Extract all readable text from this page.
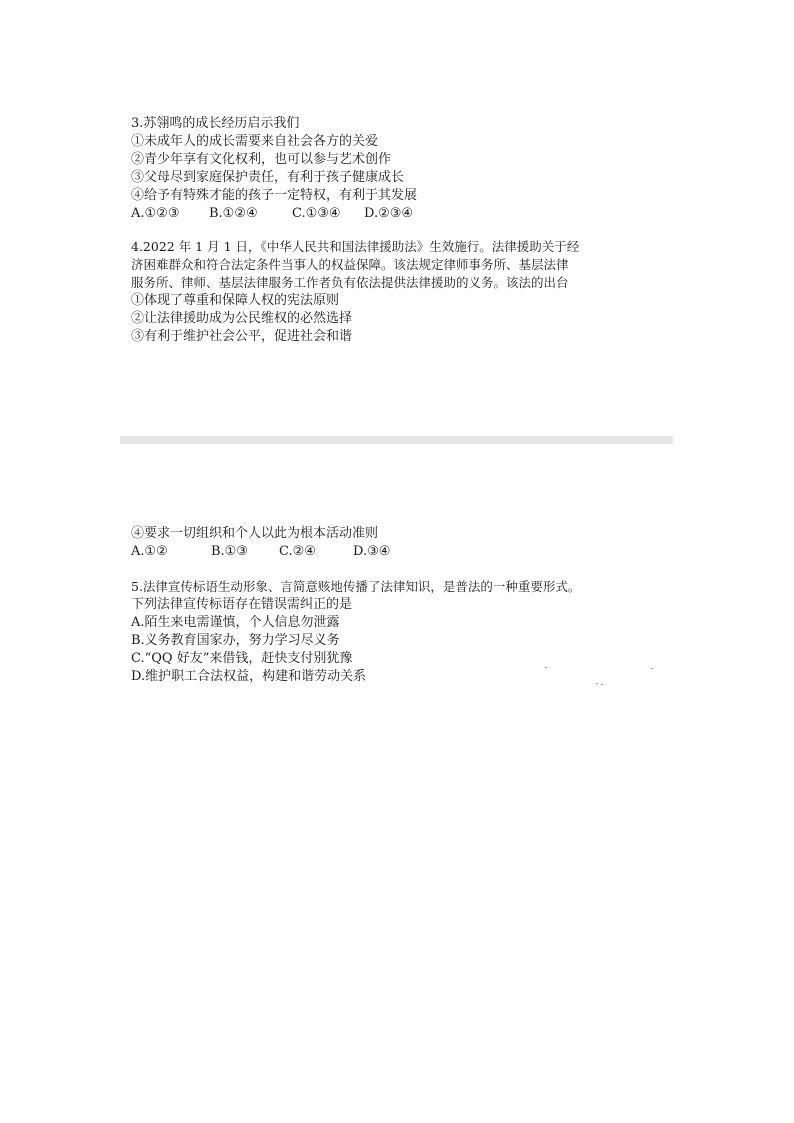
3.苏翎鸣的成长经历启示我们
①未成年人的成长需要来自社会各方的关爱
②青少年享有文化权利，也可以参与艺术创作
③父母尽到家庭保护责任，有利于孩子健康成长
④给予有特殊才能的孩子一定特权，有利于其发展
A.①②③ B.①②④	C.①③④ D.②③④
4.2022 年 1 月 1 日，《中华人民共和国法律援助法》生效施行。法律援助关于经
济困难群众和符合法定条件当事人的权益保障。该法规定律师事务所、基层法律
服务所、律师、基层法律服务工作者负有依法提供法律援助的义务。该法的出台
①体现了尊重和保障人权的宪法原则
②让法律援助成为公民维权的必然选择
③有利于维护社会公平，促进社会和谐
④要求一切组织和个人以此为根本活动准则
A.①②	B.①③ C.②④	D.③④
5.法律宣传标语生动形象、言简意赅地传播了法律知识，是普法的一种重要形式。
下列法律宣传标语存在错误需纠正的是
A.陌生来电需谨慎，个人信息勿泄露
B.义务教育国家办，努力学习尽义务
C.“QQ 好友”来借钱，赶快支付别犹豫
D.维护职工合法权益，构建和谐劳动关系
